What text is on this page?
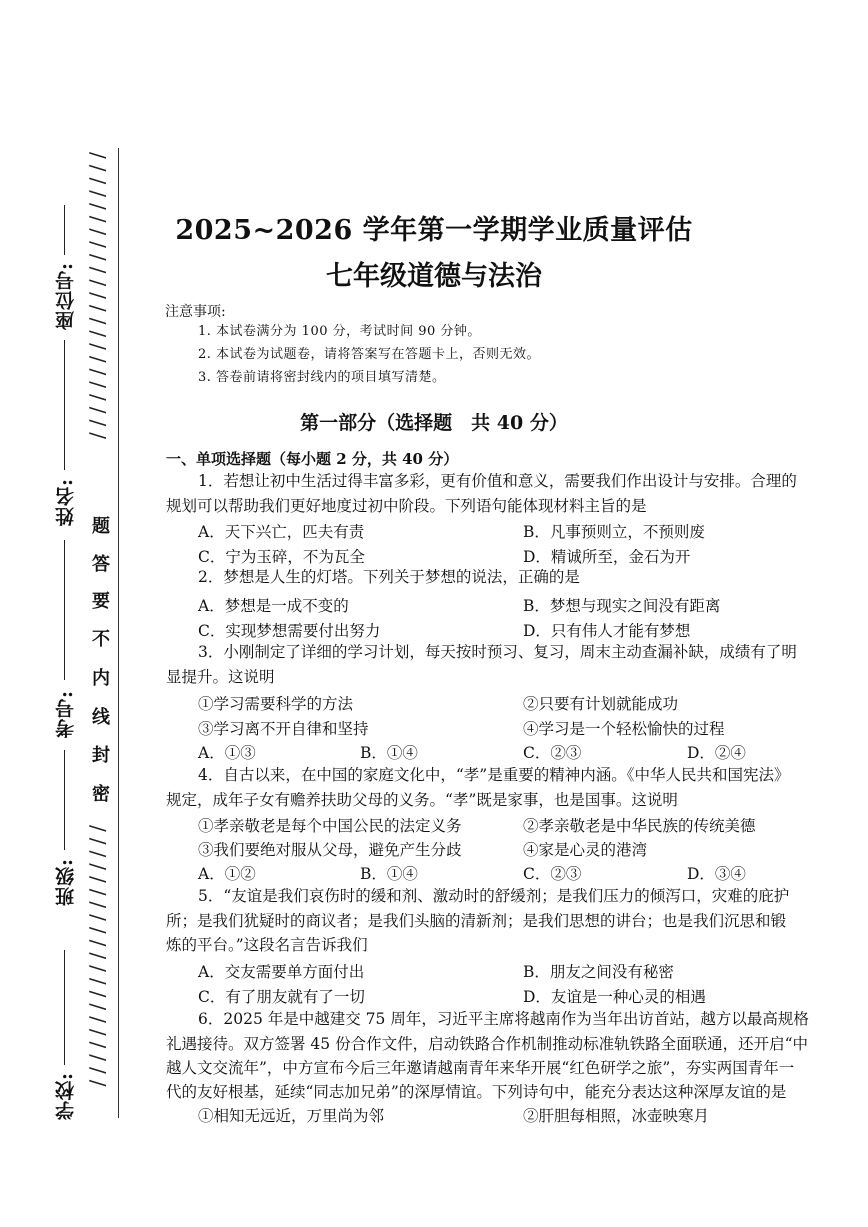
学校:
班级:
考号:
姓名:
座位号: ///////////////////////
题
答
要
不
内
线
封
密
/////////////////////
2025~2026 学年第一学期学业质量评估
七年级道德与法治
注意事项:
1. 本试卷满分为 100 分，考试时间 90 分钟。
2. 本试卷为试题卷，请将答案写在答题卡上，否则无效。
3. 答卷前请将密封线内的项目填写清楚。
第一部分（选择题　共 40 分）
一、单项选择题（每小题 2 分，共 40 分）
1．若想让初中生活过得丰富多彩，更有价值和意义，需要我们作出设计与安排。合理的
规划可以帮助我们更好地度过初中阶段。下列语句能体现材料主旨的是
A．天下兴亡，匹夫有责	B．凡事预则立，不预则废
C．宁为玉碎，不为瓦全	D．精诚所至，金石为开
2．梦想是人生的灯塔。下列关于梦想的说法，正确的是
A．梦想是一成不变的	B．梦想与现实之间没有距离
C．实现梦想需要付出努力	D．只有伟人才能有梦想
3．小刚制定了详细的学习计划，每天按时预习、复习，周末主动查漏补缺，成绩有了明
显提升。这说明
①学习需要科学的方法	②只要有计划就能成功
③学习离不开自律和坚持	④学习是一个轻松愉快的过程
A．①③	B．①④	C．②③	D．②④
4．自古以来，在中国的家庭文化中，“孝”是重要的精神内涵。《中华人民共和国宪法》
规定，成年子女有赡养扶助父母的义务。“孝”既是家事，也是国事。这说明
①孝亲敬老是每个中国公民的法定义务	②孝亲敬老是中华民族的传统美德
③我们要绝对服从父母，避免产生分歧	④家是心灵的港湾
A．①②	B．①④	C．②③	D．③④
5．“友谊是我们哀伤时的缓和剂、激动时的舒缓剂；是我们压力的倾泻口，灾难的庇护
所；是我们犹疑时的商议者；是我们头脑的清新剂；是我们思想的讲台；也是我们沉思和锻
炼的平台。”这段名言告诉我们
A．交友需要单方面付出	B．朋友之间没有秘密
C．有了朋友就有了一切	D．友谊是一种心灵的相遇
6．2025 年是中越建交 75 周年，习近平主席将越南作为当年出访首站，越方以最高规格
礼遇接待。双方签署 45 份合作文件，启动铁路合作机制推动标准轨铁路全面联通，还开启“中
越人文交流年”，中方宣布今后三年邀请越南青年来华开展“红色研学之旅”，夯实两国青年一
代的友好根基，延续“同志加兄弟”的深厚情谊。下列诗句中，能充分表达这种深厚友谊的是
①相知无远近，万里尚为邻	②肝胆每相照，冰壶映寒月
